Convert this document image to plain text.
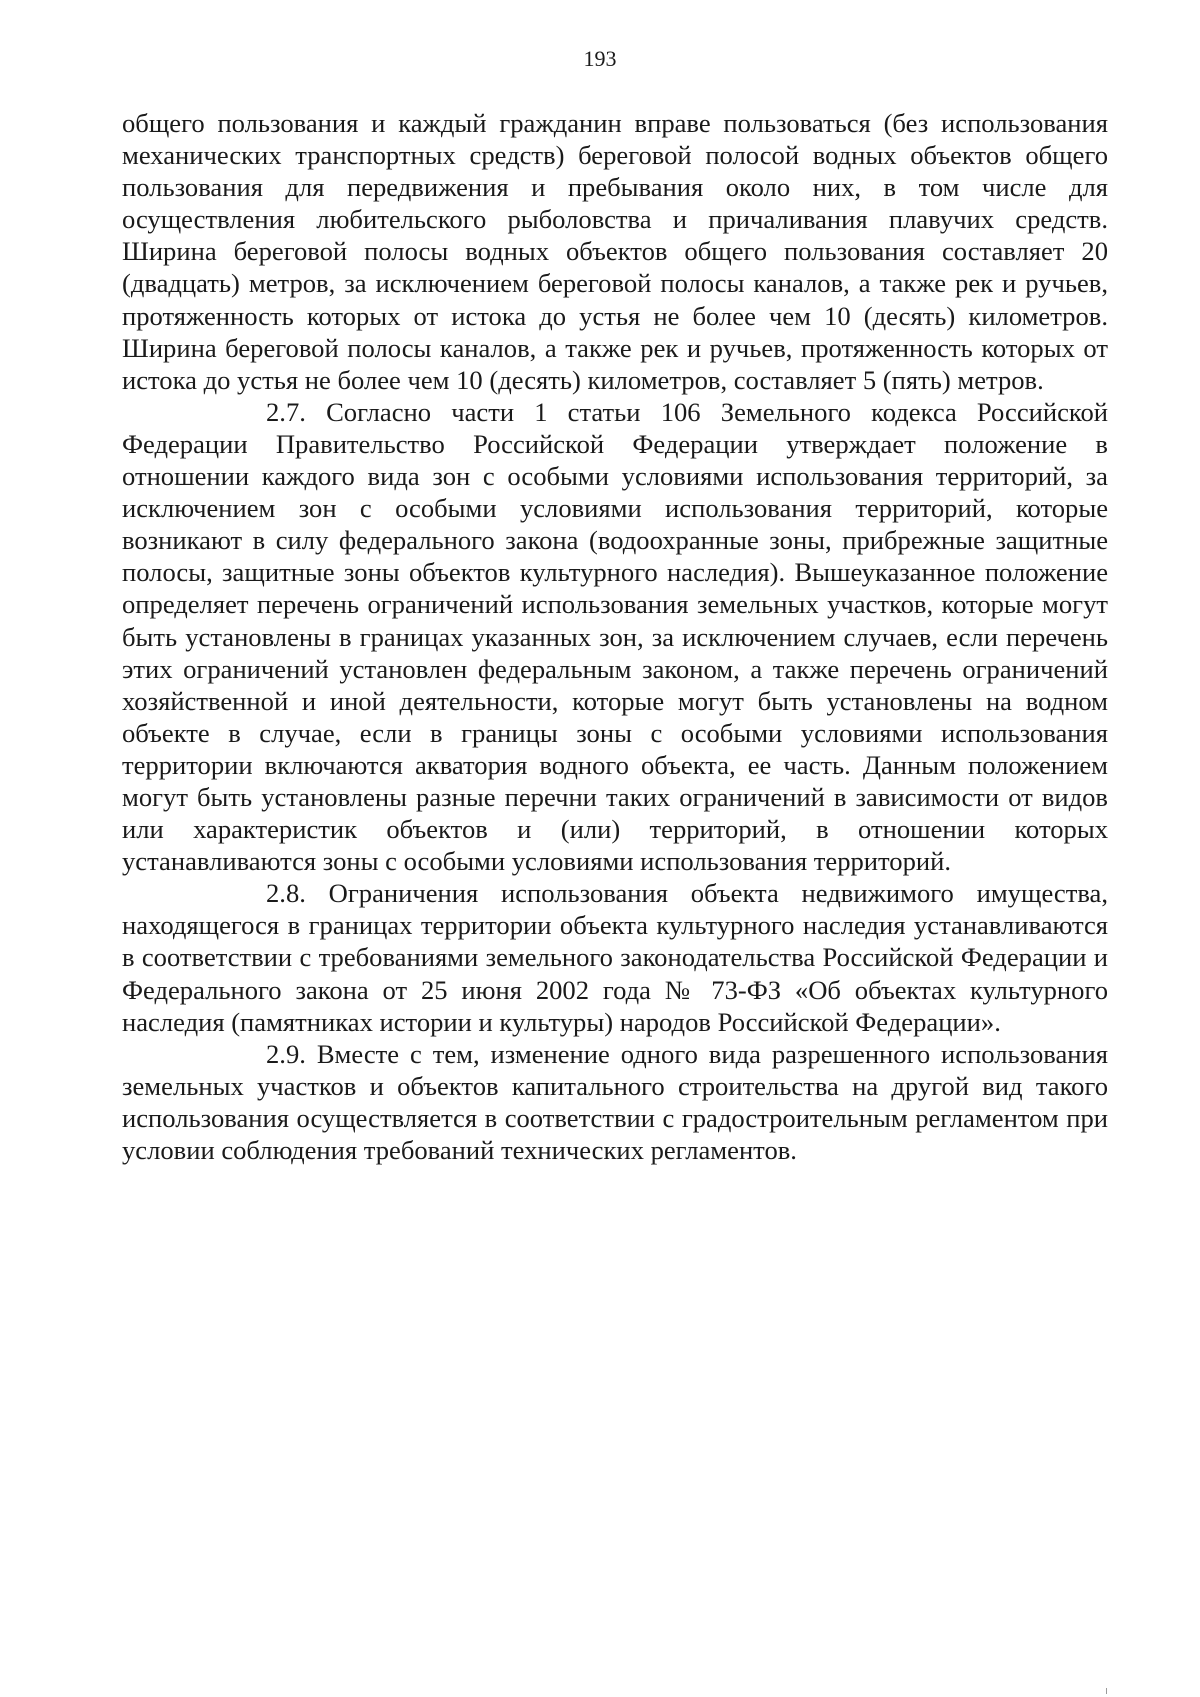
193

общего пользования и каждый гражданин вправе пользоваться (без использования механических транспортных средств) береговой полосой водных объектов общего пользования для передвижения и пребывания около них, в том числе для осуществления любительского рыболовства и причаливания плавучих средств. Ширина береговой полосы водных объектов общего пользования составляет 20 (двадцать) метров, за исключением береговой полосы каналов, а также рек и ручьев, протяженность которых от истока до устья не более чем 10 (десять) километров. Ширина береговой полосы каналов, а также рек и ручьев, протяженность которых от истока до устья не более чем 10 (десять) километров, составляет 5 (пять) метров.

2.7. Согласно части 1 статьи 106 Земельного кодекса Российской Федерации Правительство Российской Федерации утверждает положение в отношении каждого вида зон с особыми условиями использования территорий, за исключением зон с особыми условиями использования территорий, которые возникают в силу федерального закона (водоохранные зоны, прибрежные защитные полосы, защитные зоны объектов культурного наследия). Вышеуказанное положение определяет перечень ограничений использования земельных участков, которые могут быть установлены в границах указанных зон, за исключением случаев, если перечень этих ограничений установлен федеральным законом, а также перечень ограничений хозяйственной и иной деятельности, которые могут быть установлены на водном объекте в случае, если в границы зоны с особыми условиями использования территории включаются акватория водного объекта, ее часть. Данным положением могут быть установлены разные перечни таких ограничений в зависимости от видов или характеристик объектов и (или) территорий, в отношении которых устанавливаются зоны с особыми условиями использования территорий.

2.8. Ограничения использования объекта недвижимого имущества, находящегося в границах территории объекта культурного наследия устанавливаются в соответствии с требованиями земельного законодательства Российской Федерации и Федерального закона от 25 июня 2002 года № 73-ФЗ «Об объектах культурного наследия (памятниках истории и культуры) народов Российской Федерации».

2.9. Вместе с тем, изменение одного вида разрешенного использования земельных участков и объектов капитального строительства на другой вид такого использования осуществляется в соответствии с градостроительным регламентом при условии соблюдения требований технических регламентов.
